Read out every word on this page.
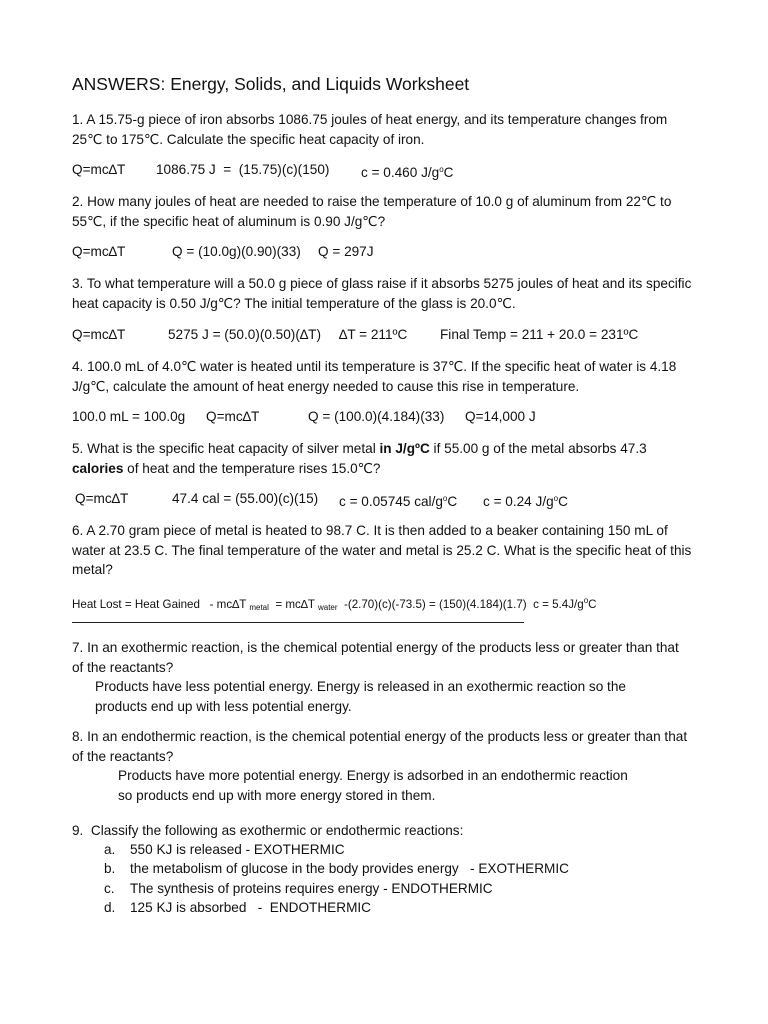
ANSWERS: Energy, Solids, and Liquids Worksheet
1. A 15.75-g piece of iron absorbs 1086.75 joules of heat energy, and its temperature changes from 25℃ to 175℃. Calculate the specific heat capacity of iron.
Q=mc∆T 1086.75 J  =  (15.75)(c)(150) c = 0.460 $J/g^oC$
2. How many joules of heat are needed to raise the temperature of 10.0 g of aluminum from 22℃ to 55℃, if the specific heat of aluminum is 0.90 J/g℃?
Q=mc∆T	Q = (10.0g)(0.90)(33) Q = 297J
3. To what temperature will a 50.0 g piece of glass raise if it absorbs 5275 joules of heat and its specific heat capacity is 0.50 J/g℃? The initial temperature of the glass is 20.0℃.
Q=mc∆T	5275 J = (50.0)(0.50)(∆T) ∆T = 211ºC Final Temp = 211 + 20.0 = 231ºC
4. 100.0 mL of 4.0℃ water is heated until its temperature is 37℃. If the specific heat of water is 4.18 J/g℃, calculate the amount of heat energy needed to cause this rise in temperature.
100.0 mL = 100.0g Q=mc∆T	Q = (100.0)(4.184)(33) Q=14,000 J
5. What is the specific heat capacity of silver metal in J/gºC if 55.00 g of the metal absorbs 47.3 calories of heat and the temperature rises 15.0℃?
Q=mc∆T	47.4 cal = (55.00)(c)(15) c = 0.05745 cal/$g^oC$ c = 0.24 $J/g^oC$
6. A 2.70 gram piece of metal is heated to 98.7 C. It is then added to a beaker containing 150 mL of water at 23.5 C. The final temperature of the water and metal is 25.2 C. What is the specific heat of this metal?
Heat Lost = Heat Gained   - mc∆T $_{metal}$  = mc∆T $_{water}$  -(2.70)(c)(-73.5) = (150)(4.184)(1.7)  $c = 5.4J/g^oC$
7. In an exothermic reaction, is the chemical potential energy of the products less or greater than that of the reactants?
Products have less potential energy. Energy is released in an exothermic reaction so the products end up with less potential energy.
8. In an endothermic reaction, is the chemical potential energy of the products less or greater than that of the reactants?
Products have more potential energy. Energy is adsorbed in an endothermic reaction so products end up with more energy stored in them.
9.  Classify the following as exothermic or endothermic reactions:
a. 550 KJ is released - EXOTHERMIC
b. the metabolism of glucose in the body provides energy   - EXOTHERMIC
c. The synthesis of proteins requires energy - ENDOTHERMIC
d. 125 KJ is absorbed   -  ENDOTHERMIC
